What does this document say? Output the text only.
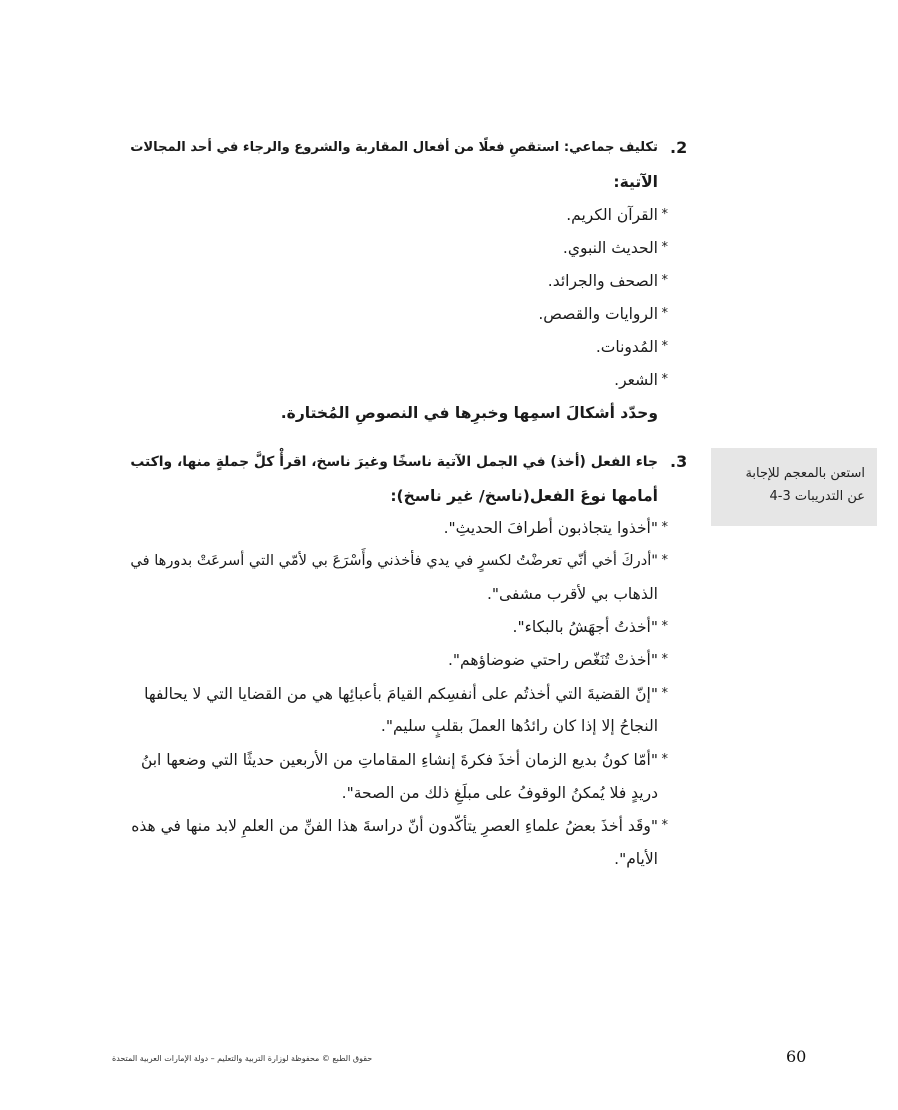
.2
تكليف جماعي: استقصِ فعلًا من أفعال المقاربة والشروع والرجاء في أحد المجالات
الآتية:
*
القرآن الكريم.
*
الحديث النبوي.
*
الصحف والجرائد.
*
الروايات والقصص.
*
المُدونات.
*
الشعر.
وحدّد أشكالَ اسمِها وخبرِها في النصوصِ المُختارة.
.3
جاء الفعل (أخذ) في الجمل الآتية ناسخًا وغيرَ ناسخ، اقرأْ كلَّ جملةٍ منها، واكتب
أمامها نوعَ الفعل(ناسخ/ غير ناسخ):
*
"أخذوا يتجاذبون أطرافَ الحديثِ".
*
"أدركَ أخي أنّي تعرضْتُ لكسرٍ في يدي فأخذني وأَسْرَعَ بي لأمّي التي أسرعَتْ بدورها في
الذهاب بي لأقرب مشفى".
*
"أخذتُ أجهَشُ بالبكاء".
*
"أخذتْ تُنَغّص راحتي ضوضاؤهم".
*
"إنّ القضيةَ التي أخذتُم على أنفسِكم القيامَ بأعبائِها هي من القضايا التي لا يحالفها
النجاحُ إلا إذا كان رائدُها العملَ بقلبٍ سليم".
*
"أمّا كونُ بديع الزمان أخذَ فكرةَ إنشاءِ المقاماتِ من الأربعين حديثًا التي وضعها ابنُ
دريدٍ فلا يُمكنُ الوقوفُ على مبلَغِ ذلك من الصحة".
*
"وقَد أخذَ بعضُ علماءِ العصرِ يتأكّدون أنّ دراسةَ هذا الفنِّ من العلمِ لابد منها في هذه
الأيام".
استعن بالمعجم للإجابة
عن التدريبات 3-4
حقوق الطبع © محفوظة لوزارة التربية والتعليم – دولة الإمارات العربية المتحدة	60
